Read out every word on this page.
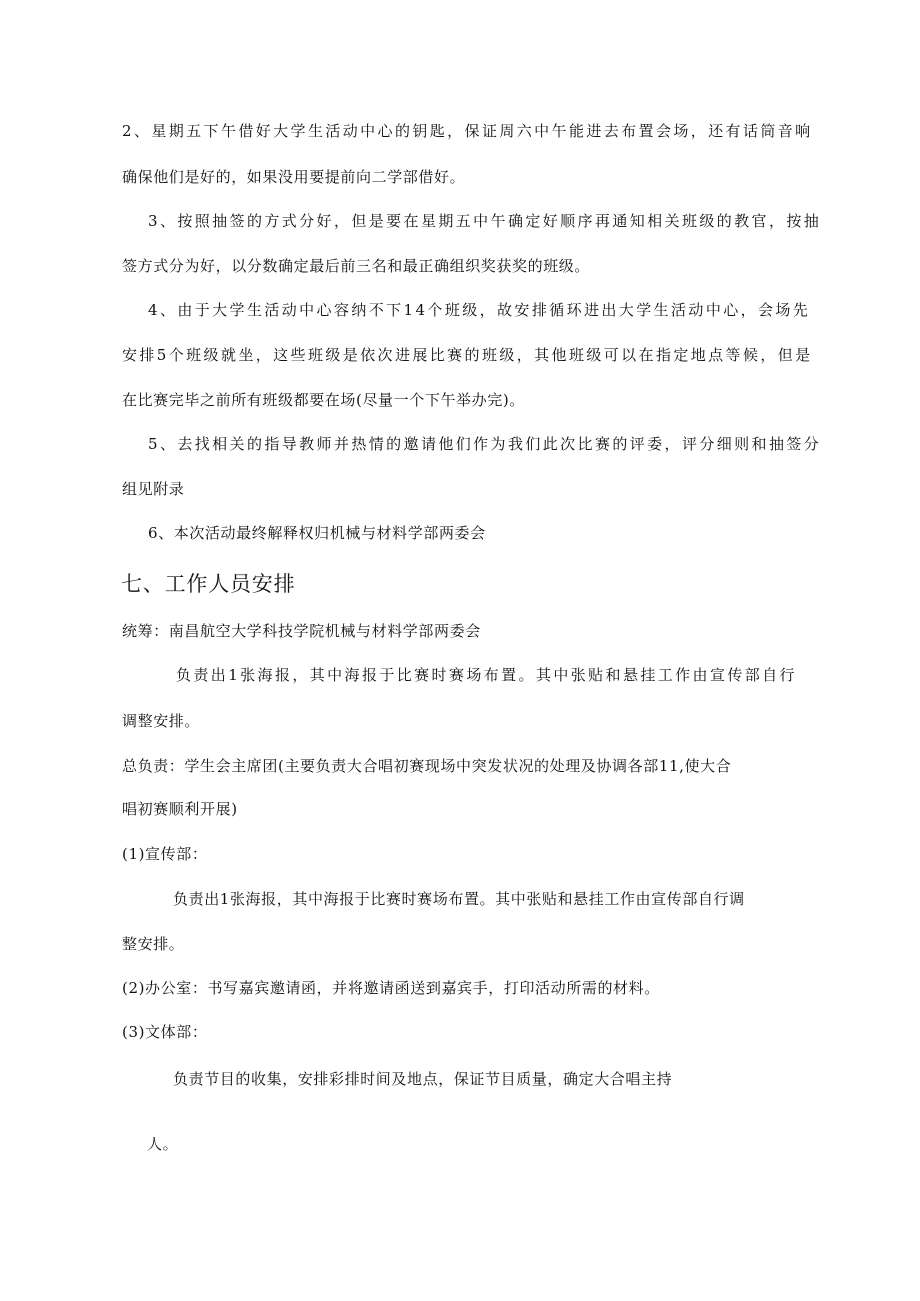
2、星期五下午借好大学生活动中心的钥匙，保证周六中午能进去布置会场，还有话筒音响
确保他们是好的，如果没用要提前向二学部借好。
3、按照抽签的方式分好，但是要在星期五中午确定好顺序再通知相关班级的教官，按抽
签方式分为好，以分数确定最后前三名和最正确组织奖获奖的班级。
4、由于大学生活动中心容纳不下14个班级，故安排循环进出大学生活动中心，会场先
安排5个班级就坐，这些班级是依次进展比赛的班级，其他班级可以在指定地点等候，但是
在比赛完毕之前所有班级都要在场(尽量一个下午举办完)。
5、去找相关的指导教师并热情的邀请他们作为我们此次比赛的评委，评分细则和抽签分
组见附录
6、本次活动最终解释权归机械与材料学部两委会
七、工作人员安排
统筹：南昌航空大学科技学院机械与材料学部两委会
负责出1张海报，其中海报于比赛时赛场布置。其中张贴和悬挂工作由宣传部自行
调整安排。
总负责：学生会主席团(主要负责大合唱初赛现场中突发状况的处理及协调各部11,使大合
唱初赛顺利开展)
(1)宣传部：
负责出1张海报，其中海报于比赛时赛场布置。其中张贴和悬挂工作由宣传部自行调
整安排。
(2)办公室：书写嘉宾邀请函，并将邀请函送到嘉宾手，打印活动所需的材料。
(3)文体部：
负责节目的收集，安排彩排时间及地点，保证节目质量，确定大合唱主持
人。
